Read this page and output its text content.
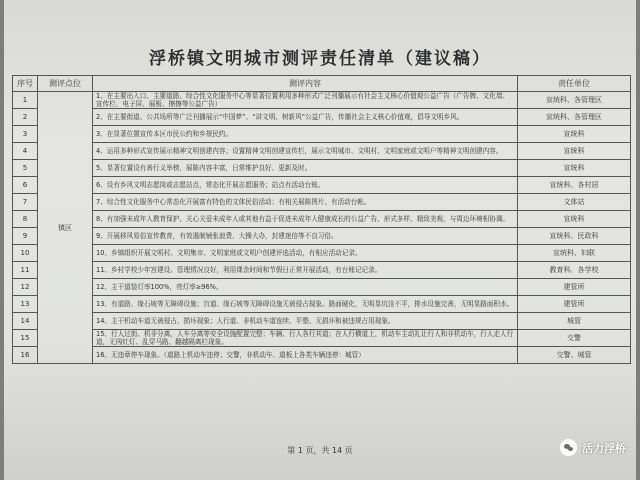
浮桥镇文明城市测评责任清单（建议稿）
序号	测评点位	测评内容	责任单位
1	镇区	1、在主要出入口、主要道路、综合性文化服务中心等显著位置利用多种形式广泛刊播展示有社会主义核心价值观公益广告（广告牌、文化墙、宣传栏、电子屏、展板、擦擦等公益广告）	宣统科、各管理区
2		2、在主要街道、公共场所等广泛刊播展示“中国梦”、“讲文明、树新风”公益广告，传播社会主义核心价值观，倡导文明乡风。	宣统科、各管理区
3		3、在显著位置宣传本区市民公约和乡规民约。	宣统科
4		4、运用多种形式宣传展示精神文明创建内容；设置精神文明创建宣传栏，展示文明城市、文明村、文明家庭或文明户等精神文明创建内容。	宣统科
5		5、显著位置设有善行义举榜，展陈内容丰富，日常维护良好、更新及时。	宣统科
6		6、设有乡风文明志愿岗或志愿站点，常态化开展志愿服务；站点有活动台账。	宣统科、各村居
7		7、综合性文化服务中心常态化开展富有特色的文体民俗活动；有相关展陈图片、有活动台帐。	文体站
8		8、有加强未成年人教育保护、关心关爱未成年人或其他有益于促进未成年人健康成长的公益广告、形式多样、精致美观，与周边环境相协调。	宣统科
9		9、开展移风易俗宣传教育，有效遏制铺张浪费、大操大办，封建迷信等不良习俗。	宣统科、民政科
10		10、乡镇组织开展文明村、文明集市、文明家庭或文明户创建评选活动，有相应活动记录。	宣统科、妇联
11		11、乡村学校少年宫建设、管理情况良好，利用课余时间和节假日正常开展活动，有台账记记录。	教育科、各学校
12		12、主干道装灯率100%，亮灯率≥96%。	建管所
13		13、有道路、缘石坡等无障碍设施；盲道、缘石坡等无障碍设施无被侵占现象。路面硬化，无明显坑洼不平，排水设施完善，无明显路面积水。	建管所
14		14、主干机动车道无被侵占、损坏现象；人行道、非机动车道连续、平整、无损坏和被违规占用现象。	城管
15		15、行人过街、机非分离，人车分离等安全设施配置完整；车辆、行人各行其道；在人行横道上，机动车主动礼让行人和非机动车，行人走人行道，无闯红灯、乱穿马路、翻越隔离栏现象。	交警
16		16、无违章停车现象。（道路上机动车违停；交警，非机动车、道板上各类车辆违停：城管）	交警、城管
第 1 页，共 14 页	活力浮桥
